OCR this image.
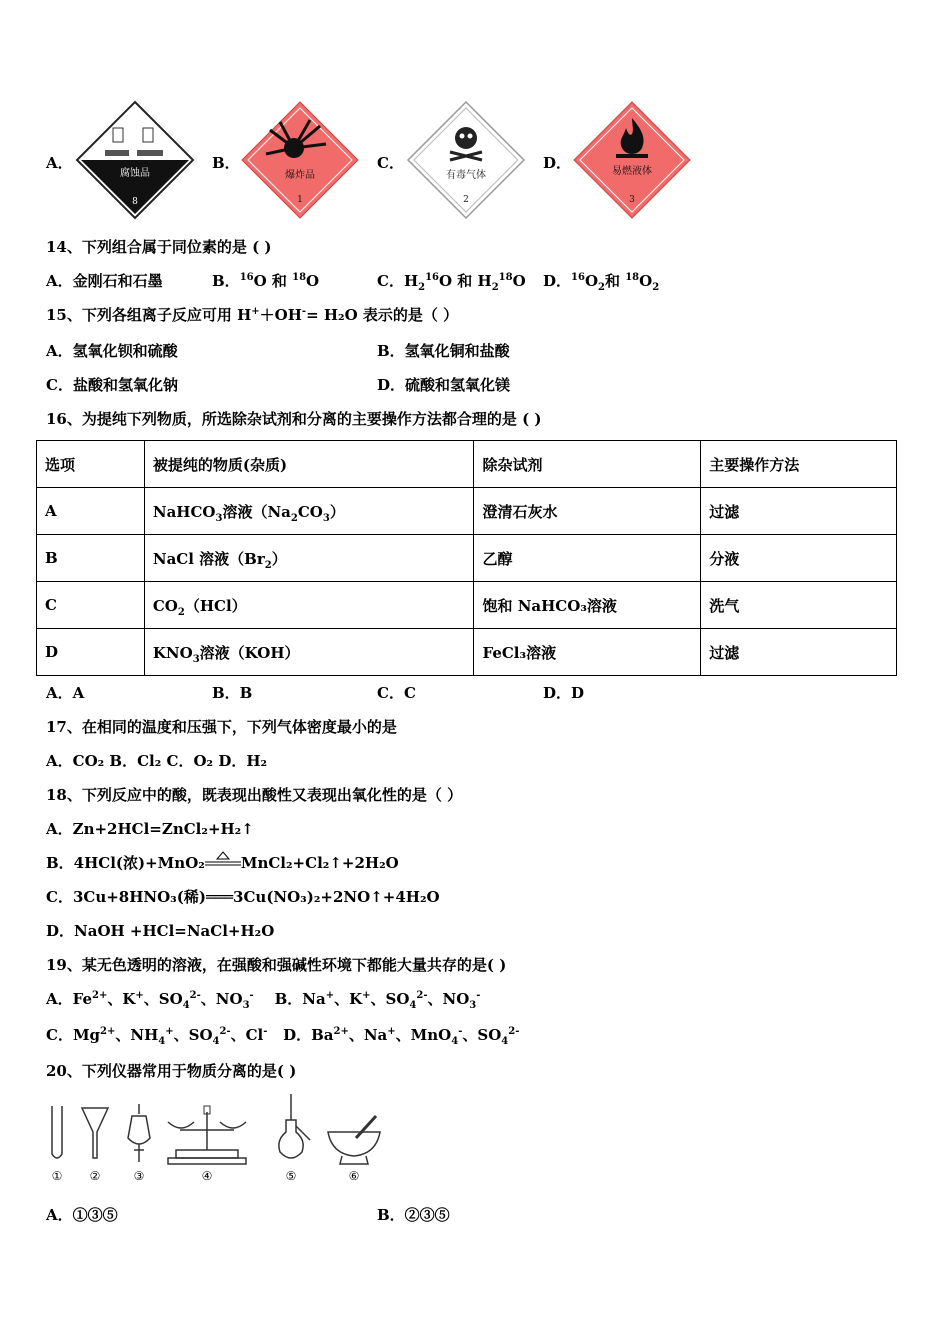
A．
腐蚀品
8
B．
爆炸品
1
C．
有毒气体
2
D．	易燃液体
3
14、下列组合属于同位素的是 ( )
A．金刚石和石墨	B．$^{16}$O 和 $^{18}$O	C．$H_2^{16}O$ 和 $H_2^{18}O$ D．$^{16}O_2$和 $^{18}O_2$
15、下列各组离子反应可用 H+＋OH-= H₂O 表示的是（ ）
A．氢氧化钡和硫酸	B．氢氧化铜和盐酸
C．盐酸和氢氧化钠	D．硫酸和氢氧化镁
16、为提纯下列物质，所选除杂试剂和分离的主要操作方法都合理的是 ( )
选项	被提纯的物质(杂质)	除杂试剂	主要操作方法
A	NaHCO$_3$溶液$(Na_2CO_3)$	澄清石灰水	过滤
B	NaCl 溶液$(Br_2)$	乙醇	分液
C	$CO_2(HCl)$	饱和 NaHCO₃溶液	洗气
D	$KNO_3$溶液（KOH）	FeCl₃溶液	过滤
A．A	B．B	C．C	D．D
17、在相同的温度和压强下，下列气体密度最小的是
A．CO₂ B．Cl₂ C．O₂ D．H₂
18、下列反应中的酸，既表现出酸性又表现出氧化性的是（ ）
A．Zn+2HCl=ZnCl₂+H₂↑
B．4HCl(浓)+MnO₂ MnCl₂+Cl₂↑+2H₂O
C．3Cu+8HNO₃(稀)═══3Cu(NO₃)₂+2NO↑+4H₂O
D．NaOH +HCl=NaCl+H₂O
19、某无色透明的溶液，在强酸和强碱性环境下都能大量共存的是( )
A．$Fe^{2+}$、K+、$SO_4^{2-}$、$NO_3^-$    B．Na+、K+、$SO_4^{2-}$、$NO_3^-$
C．$Mg^{2+}$、$NH_4^+$、$SO_4^{2-}$、Cl-   D．$Ba^{2+}$、Na+、MnO$_4$-、$SO_4^{2-}$
20、下列仪器常用于物质分离的是( )
① ②	③	④	⑤	⑥
A．①③⑤	B．②③⑤
